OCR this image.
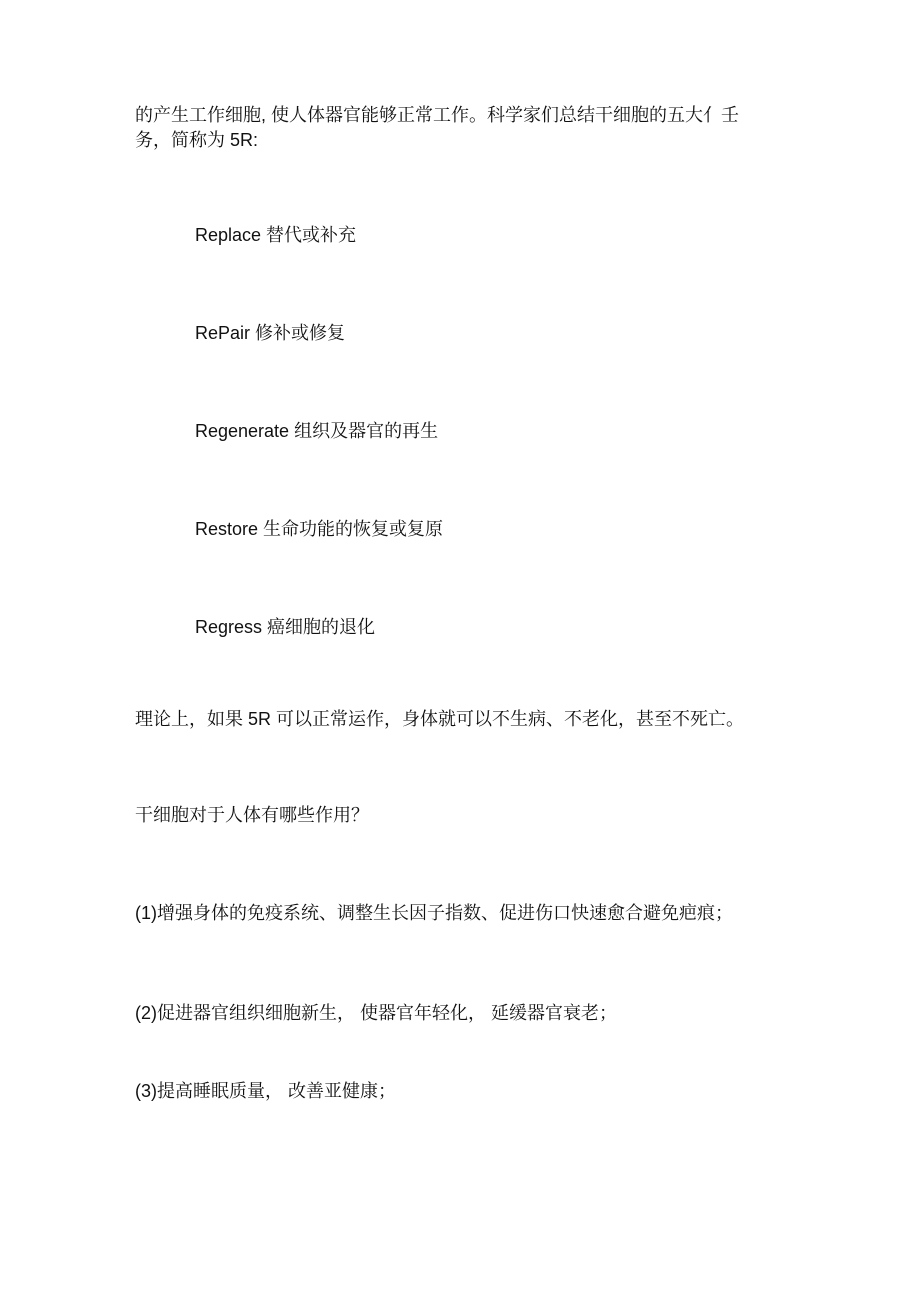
的产生工作细胞, 使人体器官能够正常工作。科学家们总结干细胞的五大亻壬
务，简称为 5R:
Replace 替代或补充
RePair 修补或修复
Regenerate 组织及器官的再生
Restore 生命功能的恢复或复原
Regress 癌细胞的退化
理论上，如果 5R 可以正常运作，身体就可以不生病、不老化，甚至不死亡。
干细胞对于人体有哪些作用？
(1)增强身体的免疫系统、调整生长因子指数、促进伤口快速愈合避免疤痕；
(2)促进器官组织细胞新生， 使器官年轻化， 延缓器官衰老；
(3)提高睡眠质量， 改善亚健康；
